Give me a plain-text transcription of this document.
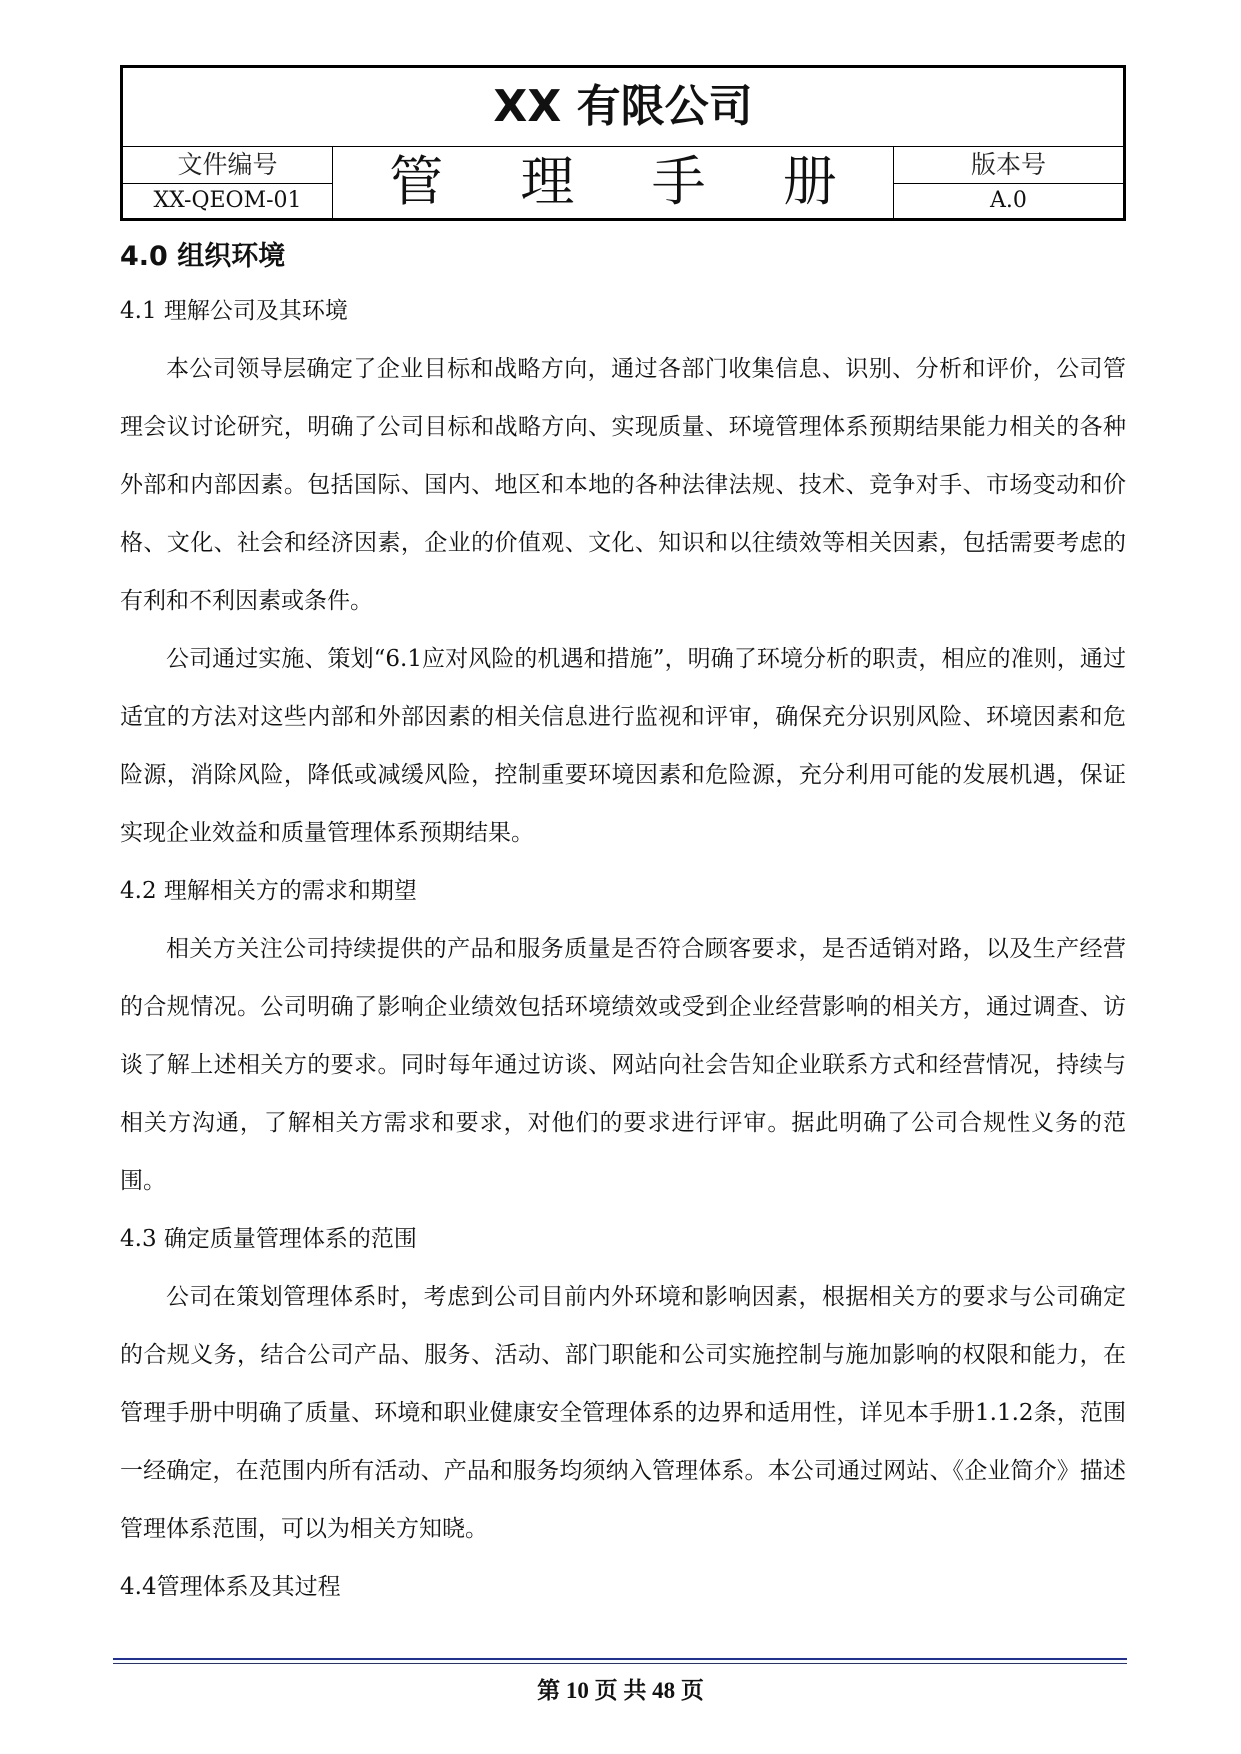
XX 有限公司
文件编号
XX-QEOM-01	管 理 手 册	版本号
A.0
4.0 组织环境

4.1 理解公司及其环境

本公司领导层确定了企业目标和战略方向，通过各部门收集信息、识别、分析和评价，公司管理会议讨论研究，明确了公司目标和战略方向、实现质量、环境管理体系预期结果能力相关的各种外部和内部因素。包括国际、国内、地区和本地的各种法律法规、技术、竞争对手、市场变动和价格、文化、社会和经济因素，企业的价值观、文化、知识和以往绩效等相关因素，包括需要考虑的有利和不利因素或条件。

公司通过实施、策划“6.1应对风险的机遇和措施”，明确了环境分析的职责，相应的准则，通过适宜的方法对这些内部和外部因素的相关信息进行监视和评审，确保充分识别风险、环境因素和危险源，消除风险，降低或减缓风险，控制重要环境因素和危险源，充分利用可能的发展机遇，保证实现企业效益和质量管理体系预期结果。

4.2 理解相关方的需求和期望

相关方关注公司持续提供的产品和服务质量是否符合顾客要求，是否适销对路，以及生产经营的合规情况。公司明确了影响企业绩效包括环境绩效或受到企业经营影响的相关方，通过调查、访谈了解上述相关方的要求。同时每年通过访谈、网站向社会告知企业联系方式和经营情况，持续与相关方沟通，了解相关方需求和要求，对他们的要求进行评审。据此明确了公司合规性义务的范围。

4.3 确定质量管理体系的范围

公司在策划管理体系时，考虑到公司目前内外环境和影响因素，根据相关方的要求与公司确定的合规义务，结合公司产品、服务、活动、部门职能和公司实施控制与施加影响的权限和能力，在管理手册中明确了质量、环境和职业健康安全管理体系的边界和适用性，详见本手册1.1.2条，范围一经确定，在范围内所有活动、产品和服务均须纳入管理体系。本公司通过网站、《企业简介》描述管理体系范围，可以为相关方知晓。

4.4管理体系及其过程

第 10 页 共 48 页
